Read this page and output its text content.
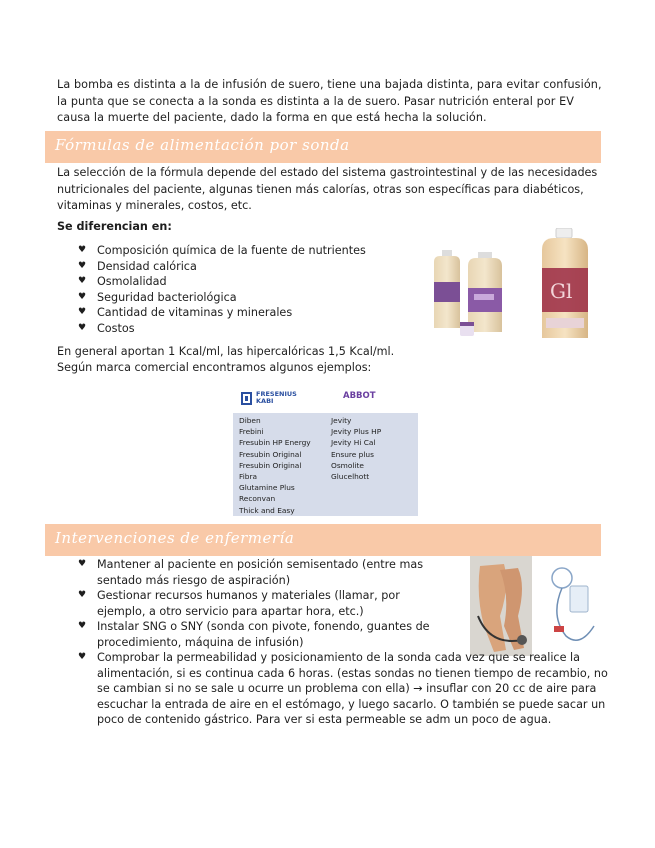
La bomba es distinta a la de infusión de suero, tiene una bajada distinta, para evitar confusión, la punta que se conecta a la sonda es distinta a la de suero. Pasar nutrición enteral por EV causa la muerte del paciente, dado la forma en que está hecha la solución.

Fórmulas de alimentación por sonda

La selección de la fórmula depende del estado del sistema gastrointestinal y de las necesidades nutricionales del paciente, algunas tienen más calorías, otras son específicas para diabéticos, vitaminas y minerales, costos, etc.

Se diferencian en:

♥ Composición química de la fuente de nutrientes
♥ Densidad calórica
♥ Osmolalidad
♥ Seguridad bacteriológica
♥ Cantidad de vitaminas y minerales
♥ Costos
Gl

En general aportan 1 Kcal/ml, las hipercalóricas 1,5 Kcal/ml.
Según marca comercial encontramos algunos ejemplos:

FRESENIUS
KABI	ABBOT
Diben
Frebini
Fresubin HP Energy
Fresubin Original
Fresubin Original
Fibra
Glutamine Plus
Reconvan
Thick and Easy
Jevity
Jevity Plus HP
Jevity Hi Cal
Ensure plus
Osmolite
Glucelhott
Intervenciones de enfermería
♥ Mantener al paciente en posición semisentado (entre mas sentado más riesgo de aspiración)
♥ Gestionar recursos humanos y materiales (llamar, por ejemplo, a otro servicio para apartar hora, etc.)
♥ Instalar SNG o SNY (sonda con pivote, fonendo, guantes de procedimiento, máquina de infusión)
♥ Comprobar la permeabilidad y posicionamiento de la sonda cada vez que se realice la alimentación, si es continua cada 6 horas. (estas sondas no tienen tiempo de recambio, no se cambian si no se sale u ocurre un problema con ella) → insuflar con 20 cc de aire para escuchar la entrada de aire en el estómago, y luego sacarlo. O también se puede sacar un poco de contenido gástrico. Para ver si esta permeable se adm un poco de agua.
